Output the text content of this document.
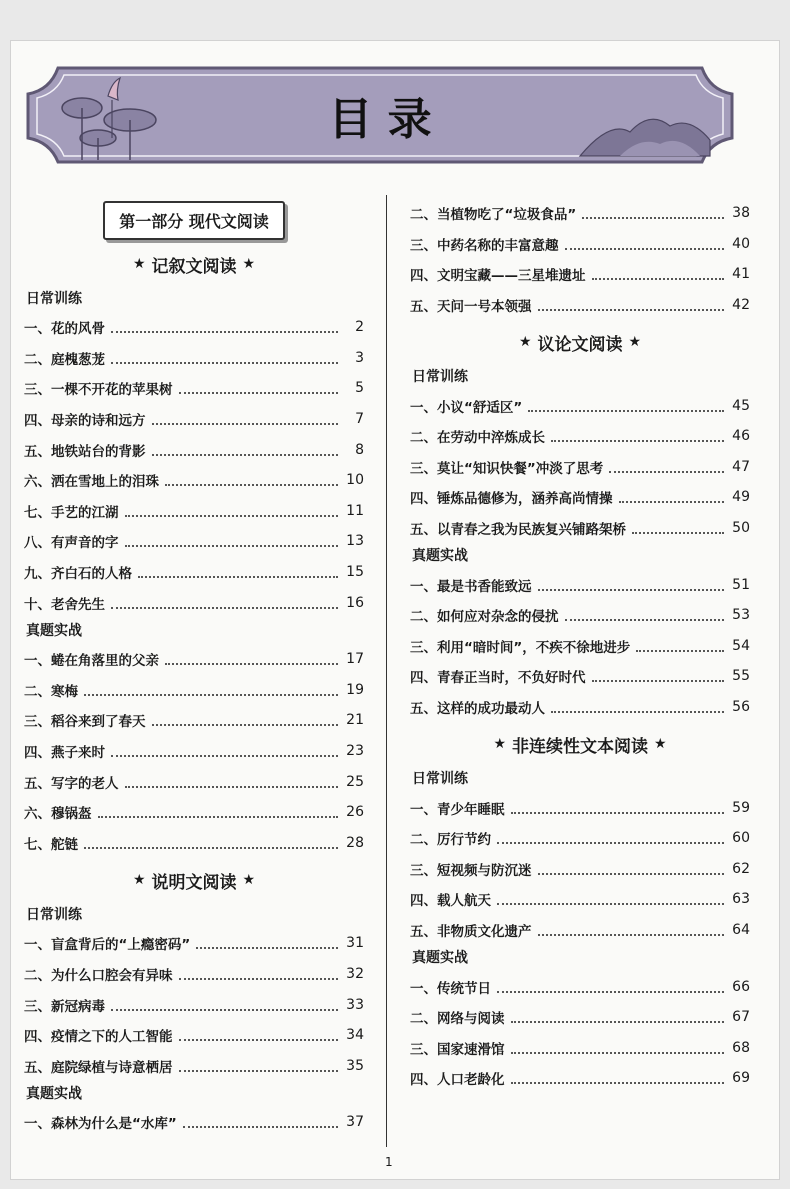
目 录
第一部分 现代文阅读
★ 记叙文阅读 ★
日常训练
一、花的风骨	2
二、庭槐葱茏	3
三、一棵不开花的苹果树	5
四、母亲的诗和远方	7
五、地铁站台的背影	8
六、洒在雪地上的泪珠	10
七、手艺的江湖	11
八、有声音的字	13
九、齐白石的人格	15
十、老舍先生	16
真题实战
一、蜷在角落里的父亲	17
二、寒梅	19
三、稻谷来到了春天	21
四、燕子来时	23
五、写字的老人	25
六、穆锅盔	26
七、舵链	28
★ 说明文阅读 ★
日常训练
一、盲盒背后的“上瘾密码”	31
二、为什么口腔会有异味	32
三、新冠病毒	33
四、疫情之下的人工智能	34
五、庭院绿植与诗意栖居	35
真题实战
一、森林为什么是“水库”	37
二、当植物吃了“垃圾食品”	38
三、中药名称的丰富意趣	40
四、文明宝藏——三星堆遗址	41
五、天问一号本领强	42
★ 议论文阅读 ★
日常训练
一、小议“舒适区”	45
二、在劳动中淬炼成长	46
三、莫让“知识快餐”冲淡了思考	47
四、锤炼品德修为，涵养高尚情操	49
五、以青春之我为民族复兴铺路架桥	50
真题实战
一、最是书香能致远	51
二、如何应对杂念的侵扰	53
三、利用“暗时间”，不疾不徐地进步	54
四、青春正当时，不负好时代	55
五、这样的成功最动人	56
★ 非连续性文本阅读 ★
日常训练
一、青少年睡眠	59
二、厉行节约	60
三、短视频与防沉迷	62
四、载人航天	63
五、非物质文化遗产	64
真题实战
一、传统节日	66
二、网络与阅读	67
三、国家速滑馆	68
四、人口老龄化	69
1
